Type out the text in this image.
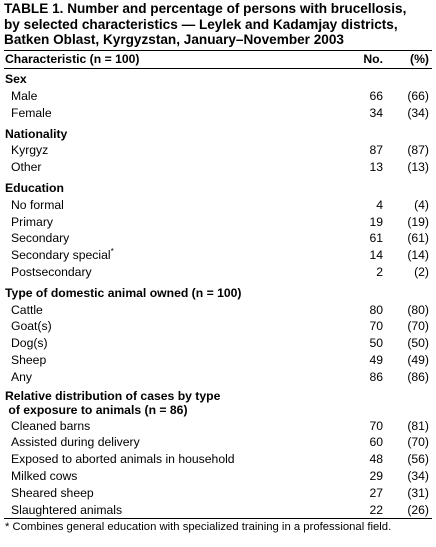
TABLE 1. Number and percentage of persons with brucellosis,
by selected characteristics — Leylek and Kadamjay districts,
Batken Oblast, Kyrgyzstan, January–November 2003
Characteristic (n = 100)	No.	(%)
Sex		
Male	66	(66)
Female	34	(34)
Nationality		
Kyrgyz	87	(87)
Other	13	(13)
Education		
No formal	4	(4)
Primary	19	(19)
Secondary	61	(61)
Secondary special*	14	(14)
Postsecondary	2	(2)
Type of domestic animal owned (n = 100)		
Cattle	80	(80)
Goat(s)	70	(70)
Dog(s)	50	(50)
Sheep	49	(49)
Any	86	(86)
Relative distribution of cases by type
of exposure to animals (n = 86)		
Cleaned barns	70	(81)
Assisted during delivery	60	(70)
Exposed to aborted animals in household	48	(56)
Milked cows	29	(34)
Sheared sheep	27	(31)
Slaughtered animals	22	(26)
* Combines general education with specialized training in a professional field.
